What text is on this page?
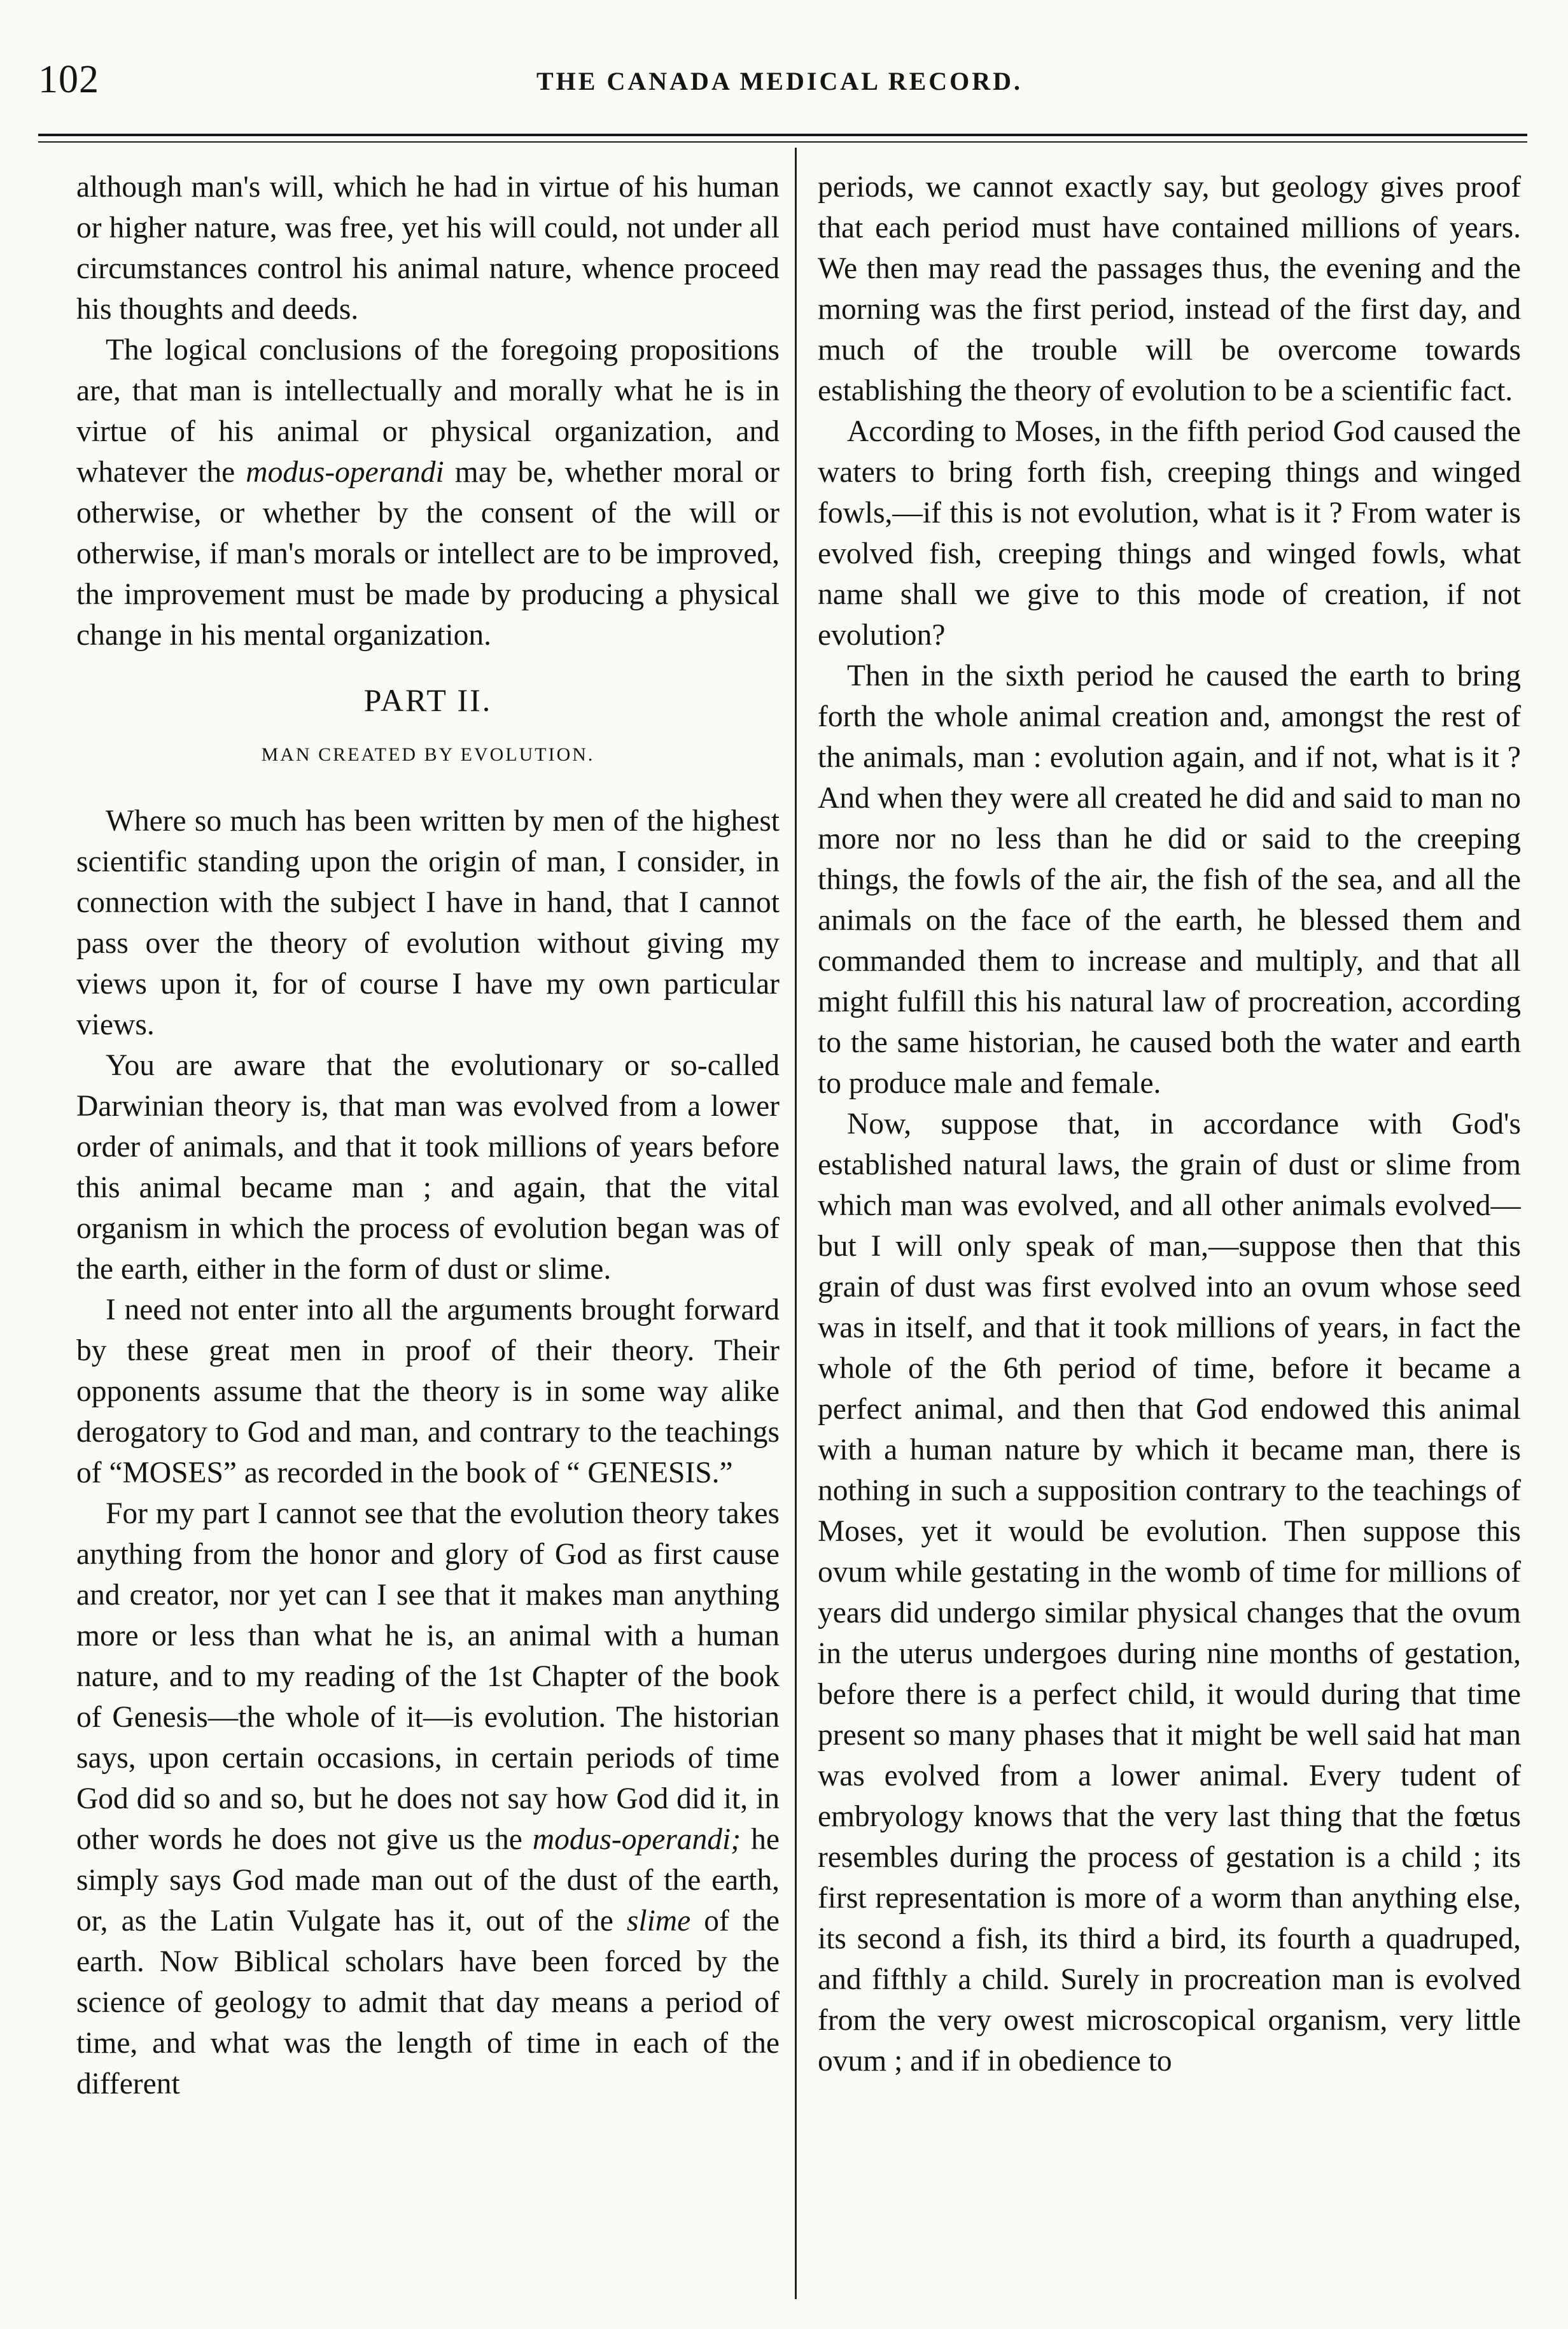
102	THE CANADA MEDICAL RECORD.

although man's will, which he had in virtue of his human or higher nature, was free, yet his will could, not under all circumstances control his animal nature, whence proceed his thoughts and deeds.

The logical conclusions of the foregoing propositions are, that man is intellectually and morally what he is in virtue of his animal or physical organization, and whatever the modus-operandi may be, whether moral or otherwise, or whether by the consent of the will or otherwise, if man's morals or intellect are to be improved, the improvement must be made by producing a physical change in his mental organization.

PART II.
MAN CREATED BY EVOLUTION.

Where so much has been written by men of the highest scientific standing upon the origin of man, I consider, in connection with the subject I have in hand, that I cannot pass over the theory of evolution without giving my views upon it, for of course I have my own particular views.

You are aware that the evolutionary or so-called Darwinian theory is, that man was evolved from a lower order of animals, and that it took millions of years before this animal became man ; and again, that the vital organism in which the process of evolution began was of the earth, either in the form of dust or slime.

I need not enter into all the arguments brought forward by these great men in proof of their theory. Their opponents assume that the theory is in some way alike derogatory to God and man, and contrary to the teachings of “MOSES” as recorded in the book of “ GENESIS.”

For my part I cannot see that the evolution theory takes anything from the honor and glory of God as first cause and creator, nor yet can I see that it makes man anything more or less than what he is, an animal with a human nature, and to my reading of the 1st Chapter of the book of Genesis—the whole of it—is evolution. The historian says, upon certain occasions, in certain periods of time God did so and so, but he does not say how God did it, in other words he does not give us the modus-operandi; he simply says God made man out of the dust of the earth, or, as the Latin Vulgate has it, out of the slime of the earth. Now Biblical scholars have been forced by the science of geology to admit that day means a period of time, and what was the length of time in each of the different

periods, we cannot exactly say, but geology gives proof that each period must have contained millions of years. We then may read the passages thus, the evening and the morning was the first period, instead of the first day, and much of the trouble will be overcome towards establishing the theory of evolution to be a scientific fact.

According to Moses, in the fifth period God caused the waters to bring forth fish, creeping things and winged fowls,—if this is not evolution, what is it ? From water is evolved fish, creeping things and winged fowls, what name shall we give to this mode of creation, if not evolution?

Then in the sixth period he caused the earth to bring forth the whole animal creation and, amongst the rest of the animals, man : evolution again, and if not, what is it ? And when they were all created he did and said to man no more nor no less than he did or said to the creeping things, the fowls of the air, the fish of the sea, and all the animals on the face of the earth, he blessed them and commanded them to increase and multiply, and that all might fulfill this his natural law of procreation, according to the same historian, he caused both the water and earth to produce male and female.

Now, suppose that, in accordance with God's established natural laws, the grain of dust or slime from which man was evolved, and all other animals evolved—but I will only speak of man,—suppose then that this grain of dust was first evolved into an ovum whose seed was in itself, and that it took millions of years, in fact the whole of the 6th period of time, before it became a perfect animal, and then that God endowed this animal with a human nature by which it became man, there is nothing in such a supposition contrary to the teachings of Moses, yet it would be evolution. Then suppose this ovum while gestating in the womb of time for millions of years did undergo similar physical changes that the ovum in the uterus undergoes during nine months of gestation, before there is a perfect child, it would during that time present so many phases that it might be well said hat man was evolved from a lower animal. Every tudent of embryology knows that the very last thing that the fœtus resembles during the process of gestation is a child ; its first representation is more of a worm than anything else, its second a fish, its third a bird, its fourth a quadruped, and fifthly a child. Surely in procreation man is evolved from the very owest microscopical organism, very little ovum ; and if in obedience to
